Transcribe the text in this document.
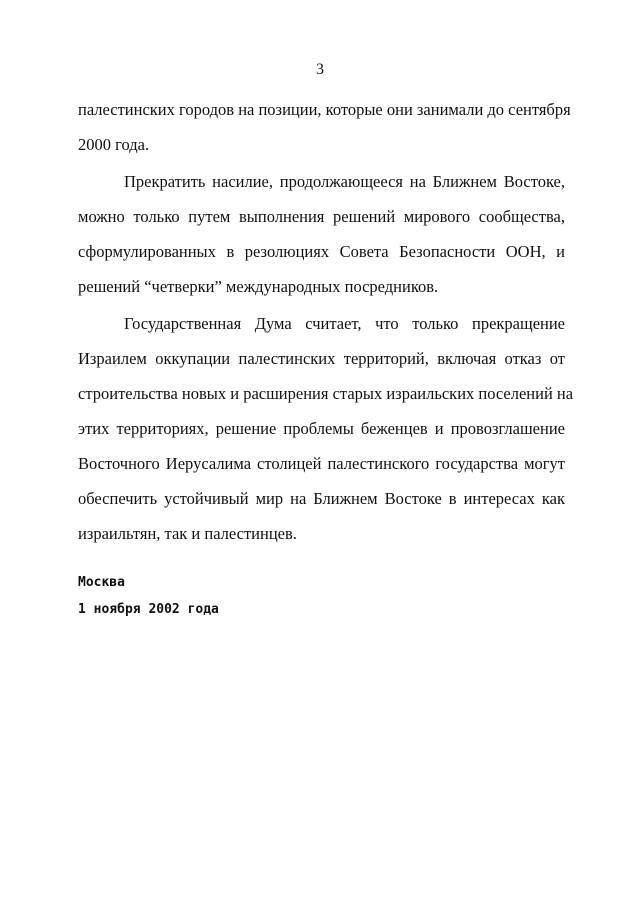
3
палестинских городов на позиции, которые они занимали до сентября
2000 года.
Прекратить насилие, продолжающееся на Ближнем Востоке,
можно только путем выполнения решений мирового сообщества,
сформулированных в резолюциях Совета Безопасности ООН, и
решений “четверки” международных посредников.
Государственная Дума считает, что только прекращение
Израилем оккупации палестинских территорий, включая отказ от
строительства новых и расширения старых израильских поселений на
этих территориях, решение проблемы беженцев и провозглашение
Восточного Иерусалима столицей палестинского государства могут
обеспечить устойчивый мир на Ближнем Востоке в интересах как
израильтян, так и палестинцев.
Москва
1 ноября 2002 года
